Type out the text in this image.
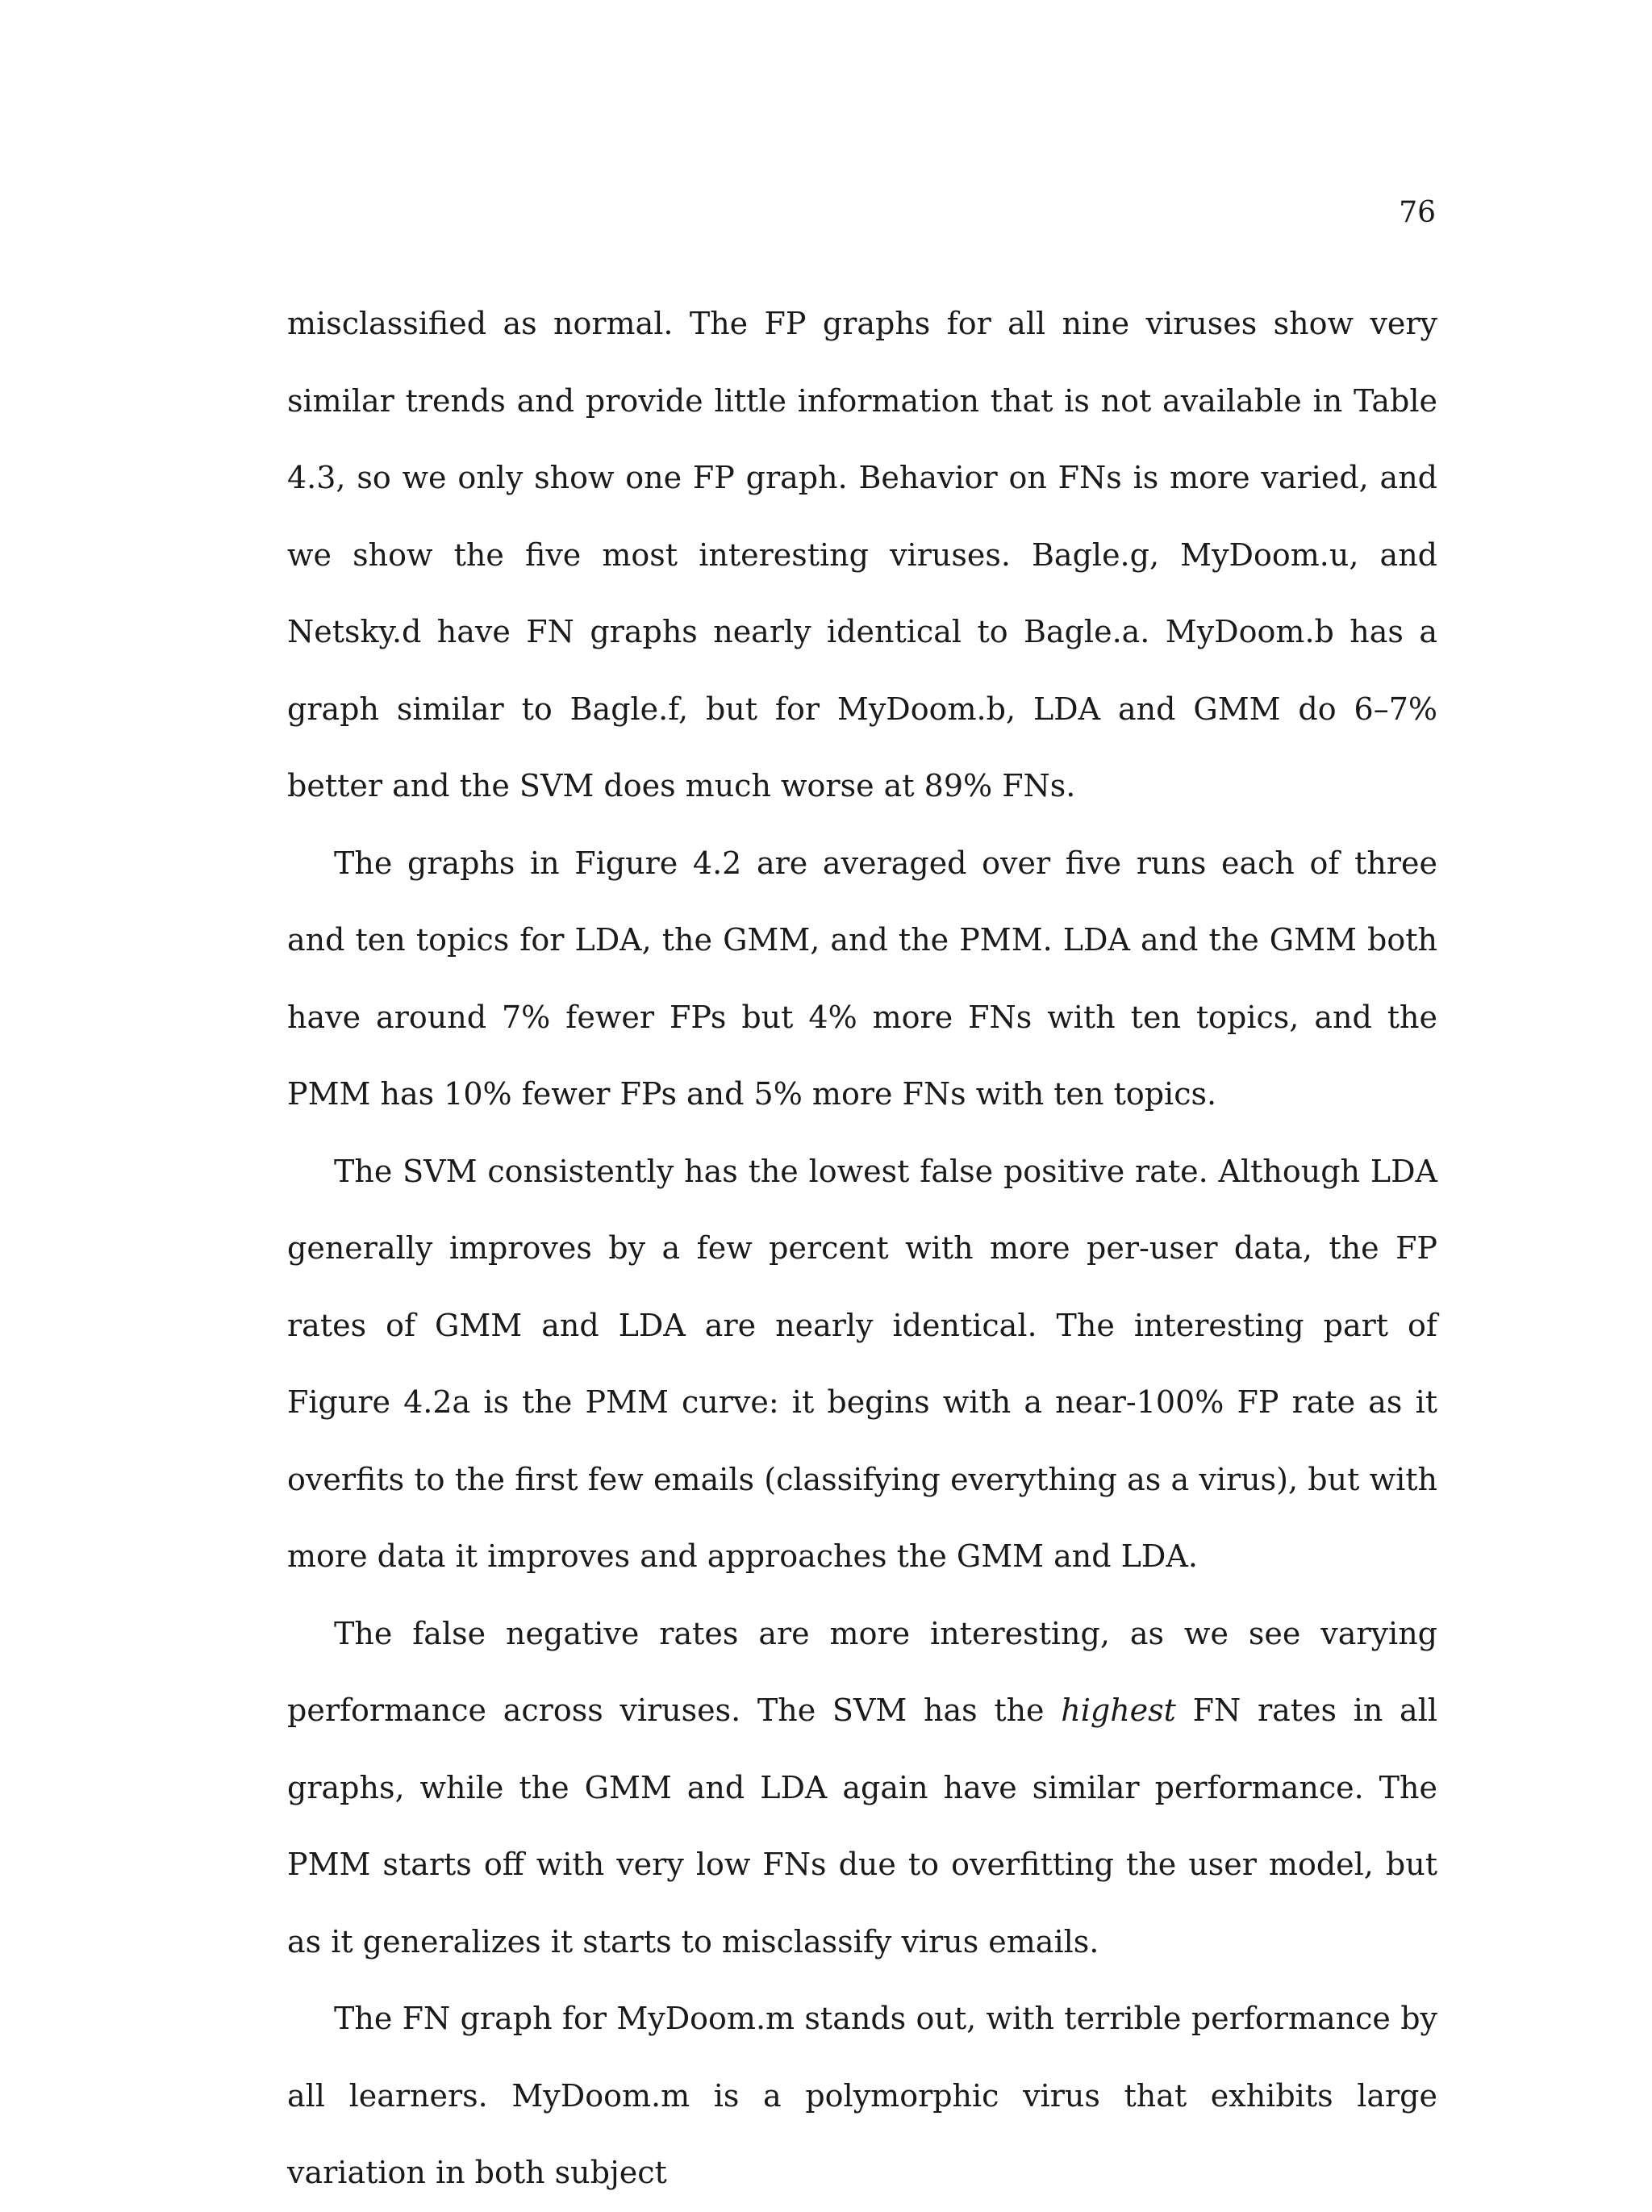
76

misclassified as normal. The FP graphs for all nine viruses show very similar trends and provide little information that is not available in Table 4.3, so we only show one FP graph. Behavior on FNs is more varied, and we show the five most interesting viruses. Bagle.g, MyDoom.u, and Netsky.d have FN graphs nearly identical to Bagle.a. MyDoom.b has a graph similar to Bagle.f, but for MyDoom.b, LDA and GMM do 6–7% better and the SVM does much worse at 89% FNs.

The graphs in Figure 4.2 are averaged over five runs each of three and ten topics for LDA, the GMM, and the PMM. LDA and the GMM both have around 7% fewer FPs but 4% more FNs with ten topics, and the PMM has 10% fewer FPs and 5% more FNs with ten topics.

The SVM consistently has the lowest false positive rate. Although LDA generally improves by a few percent with more per-user data, the FP rates of GMM and LDA are nearly identical. The interesting part of Figure 4.2a is the PMM curve: it begins with a near-100% FP rate as it overfits to the first few emails (classifying everything as a virus), but with more data it improves and approaches the GMM and LDA.

The false negative rates are more interesting, as we see varying performance across viruses. The SVM has the highest FN rates in all graphs, while the GMM and LDA again have similar performance. The PMM starts off with very low FNs due to overfitting the user model, but as it generalizes it starts to misclassify virus emails.

The FN graph for MyDoom.m stands out, with terrible performance by all learners. MyDoom.m is a polymorphic virus that exhibits large variation in both subject
